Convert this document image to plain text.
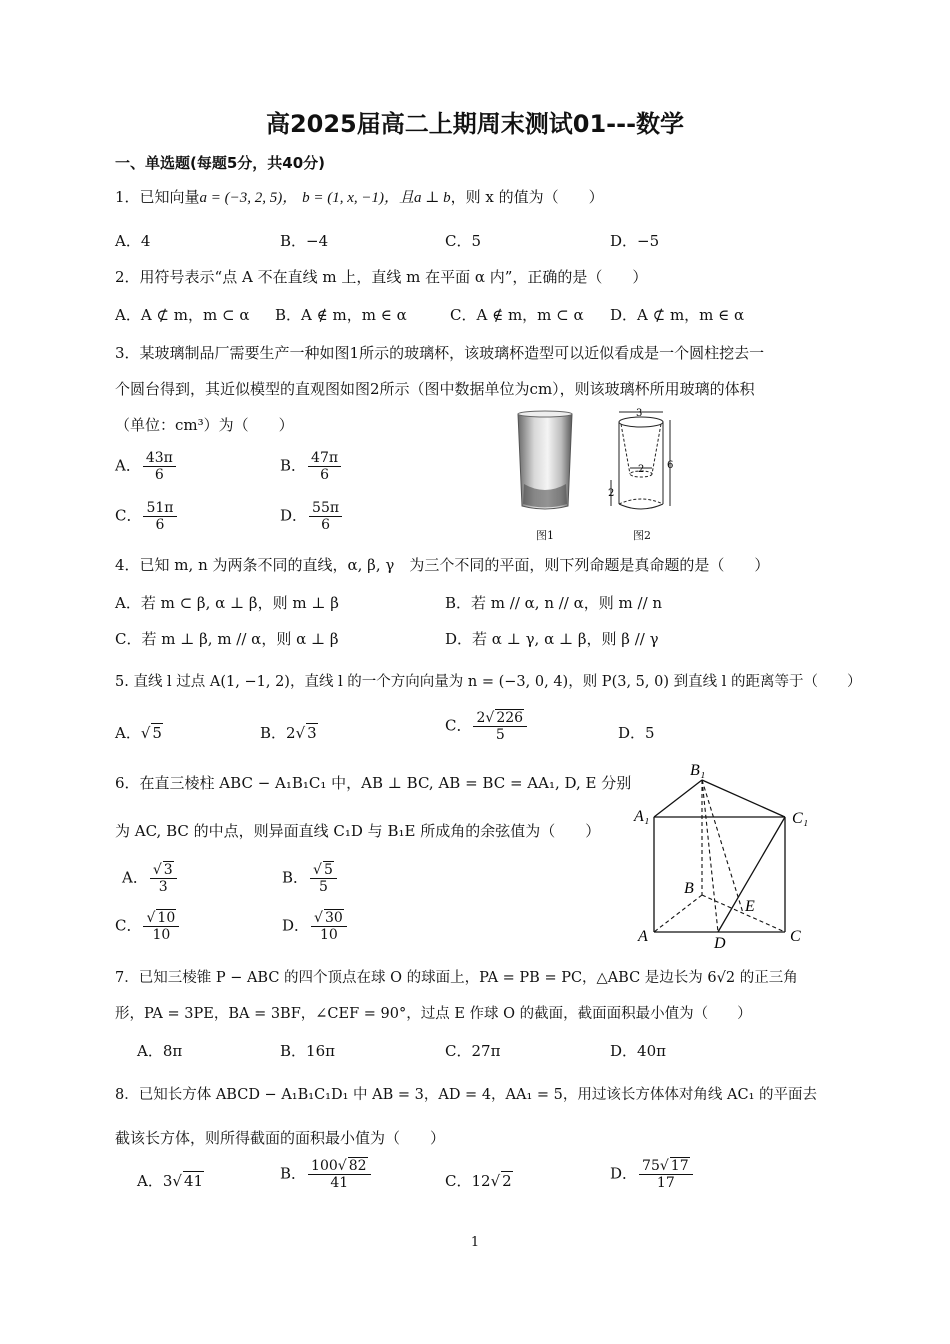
高2025届高二上期周末测试01---数学
一、单选题(每题5分，共40分)
1．已知向量a = (−3, 2, 5)， b = (1, x, −1)，且a ⊥ b，则 x 的值为（　　）
A．4	B．−4	C．5	D．−5
2．用符号表示“点 A 不在直线 m 上，直线 m 在平面 α 内”，正确的是（　　）
A．A ⊄ m，m ⊂ α B．A ∉ m，m ∈ α	C．A ∉ m，m ⊂ α D．A ⊄ m，m ∈ α
3．某玻璃制品厂需要生产一种如图1所示的玻璃杯，该玻璃杯造型可以近似看成是一个圆柱挖去一
个圆台得到，其近似模型的直观图如图2所示（图中数据单位为cm），则该玻璃杯所用玻璃的体积
（单位：cm³）为（　　）
A． $\frac{43\pi}{6}$	B． $\frac{47\pi}{6}$
C． $\frac{51\pi}{6}$	D． $\frac{55\pi}{6}$
3
2
2
6
图1	图2
4．已知 m, n 为两条不同的直线，α, β, γ　为三个不同的平面，则下列命题是真命题的是（　　）
A．若 m ⊂ β, α ⊥ β，则 m ⊥ β	B．若 m // α, n // α，则 m // n
C．若 m ⊥ β, m // α，则 α ⊥ β	D．若 α ⊥ γ, α ⊥ β，则 β // γ
5. 直线 l 过点 A(1, −1, 2)，直线 l 的一个方向向量为 n = (−3, 0, 4)，则 P(3, 5, 0) 到直线 l 的距离等于（　　）
A．√ 5	B．2√ 3	C． $\frac{2√ 226}{5}$	D．5
6．在直三棱柱 ABC − A₁B₁C₁ 中，AB ⊥ BC, AB = BC = AA₁, D, E 分别
为 AC, BC 的中点，则异面直线 C₁D 与 B₁E 所成角的余弦值为（　　）
A． $\frac{√ 3}{3}$	B． $\frac{√ 5}{5}$
C． $\frac{√ 10}{10}$	D． $\frac{√ 30}{10}$
B₁
A₁	C₁
B
E
A	D	C
7．已知三棱锥 P − ABC 的四个顶点在球 O 的球面上，PA = PB = PC，△ABC 是边长为 6√2 的正三角
形，PA = 3PE，BA = 3BF，∠CEF = 90°，过点 E 作球 O 的截面，截面面积最小值为（　　）
A．8π	B．16π	C．27π	D．40π
8．已知长方体 ABCD − A₁B₁C₁D₁ 中 AB = 3，AD = 4，AA₁ = 5，用过该长方体体对角线 AC₁ 的平面去
截该长方体，则所得截面的面积最小值为（　　）
A．3√ 41	B． $\frac{100√ 82}{41}$	C．12√ 2	D． $\frac{75√ 17}{17}$
1
